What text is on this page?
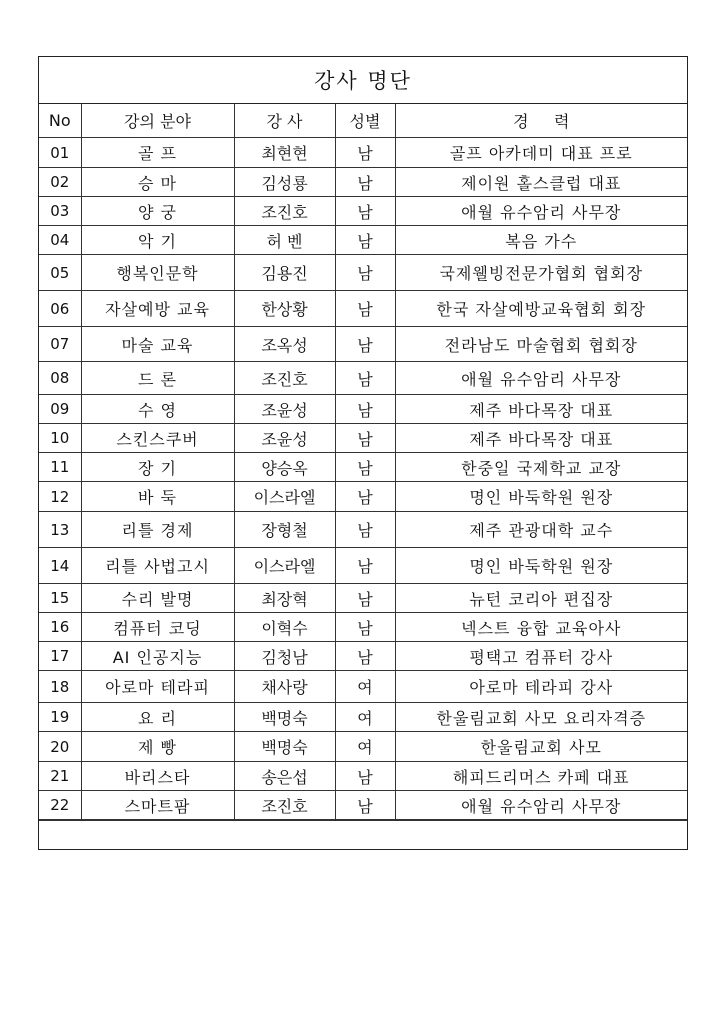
강사 명단
No	강의 분야	강 사	성별	경     력
01	골 프	최현현	남	골프 아카데미 대표 프로
02	승 마	김성룡	남	제이원 홀스클럽 대표
03	양 궁	조진호	남	애월 유수암리 사무장
04	악 기	허 벤	남	복음 가수
05	행복인문학	김용진	남	국제웰빙전문가협회 협회장
06	자살예방 교육	한상황	남	한국 자살예방교육협회 회장
07	마술 교육	조옥성	남	전라남도 마술협회 협회장
08	드 론	조진호	남	애월 유수암리 사무장
09	수 영	조윤성	남	제주 바다목장 대표
10	스킨스쿠버	조윤성	남	제주 바다목장 대표
11	장 기	양승옥	남	한중일 국제학교 교장
12	바 둑	이스라엘	남	명인 바둑학원 원장
13	리틀 경제	장형철	남	제주 관광대학 교수
14	리틀 사법고시	이스라엘	남	명인 바둑학원 원장
15	수리 발명	최장혁	남	뉴턴 코리아 편집장
16	컴퓨터 코딩	이혁수	남	넥스트 융합 교육아사
17	AI 인공지능	김청남	남	평택고 컴퓨터 강사
18	아로마 테라피	채사랑	여	아로마 테라피 강사
19	요 리	백명숙	여	한울림교회 사모 요리자격증
20	제 빵	백명숙	여	한울림교회 사모
21	바리스타	송은섭	남	해피드리머스 카페 대표
22	스마트팜	조진호	남	애월 유수암리 사무장
